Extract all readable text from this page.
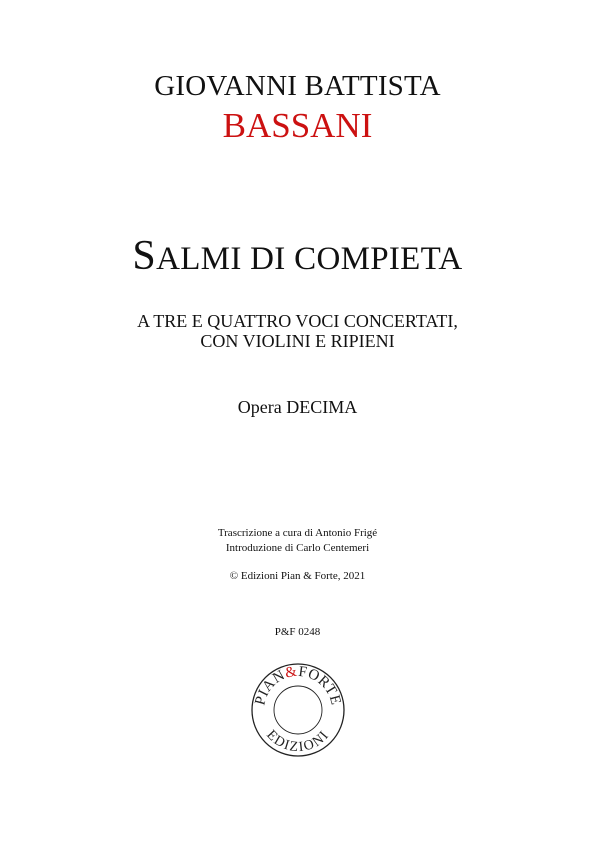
GIOVANNI BATTISTA
BASSANI
SALMI DI COMPIETA
A TRE E QUATTRO VOCI CONCERTATI,
CON VIOLINI E RIPIENI
Opera DECIMA
Trascrizione a cura di Antonio Frigé
Introduzione di Carlo Centemeri
© Edizioni Pian & Forte, 2021
P&F 0248
PIAN&FORTE
EDIZIONI
